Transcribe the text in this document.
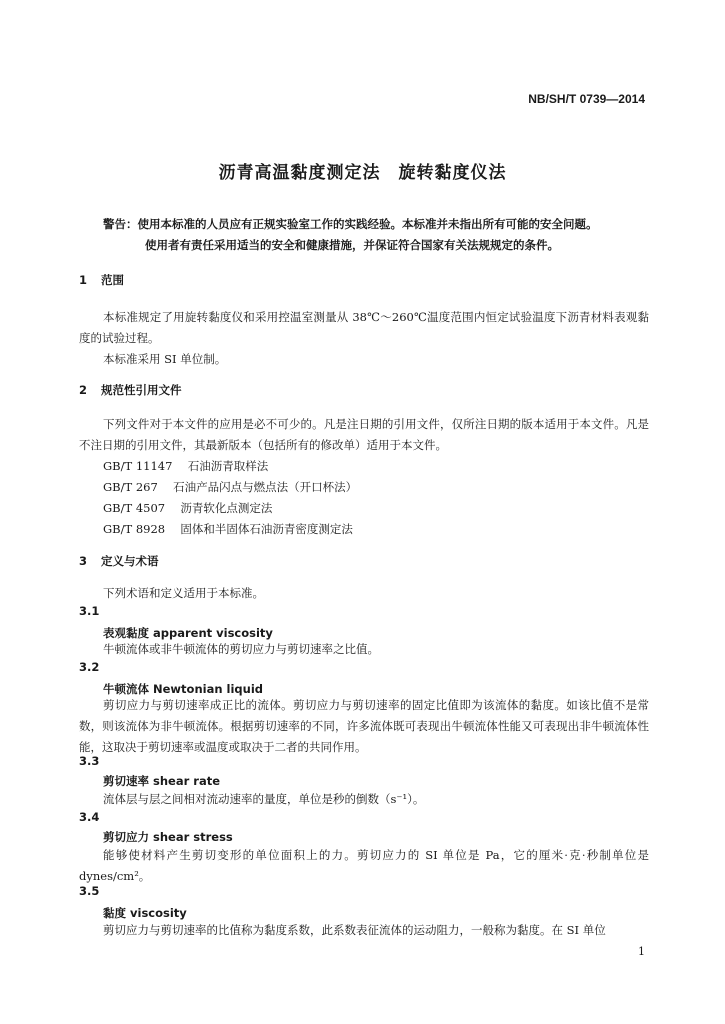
NB/SH/T 0739—2014
沥青高温黏度测定法　旋转黏度仪法
警告：使用本标准的人员应有正规实验室工作的实践经验。本标准并未指出所有可能的安全问题。
使用者有责任采用适当的安全和健康措施，并保证符合国家有关法规规定的条件。
1 范围
本标准规定了用旋转黏度仪和采用控温室测量从 38℃～260℃温度范围内恒定试验温度下沥青材料表观黏度的试验过程。
本标准采用 SI 单位制。
2 规范性引用文件
下列文件对于本文件的应用是必不可少的。凡是注日期的引用文件，仅所注日期的版本适用于本文件。凡是不注日期的引用文件，其最新版本（包括所有的修改单）适用于本文件。
GB/T 11147 石油沥青取样法
GB/T 267 石油产品闪点与燃点法（开口杯法）
GB/T 4507 沥青软化点测定法
GB/T 8928 固体和半固体石油沥青密度测定法
3 定义与术语
下列术语和定义适用于本标准。
3.1
表观黏度 apparent viscosity
牛顿流体或非牛顿流体的剪切应力与剪切速率之比值。
3.2
牛顿流体 Newtonian liquid
剪切应力与剪切速率成正比的流体。剪切应力与剪切速率的固定比值即为该流体的黏度。如该比值不是常数，则该流体为非牛顿流体。根据剪切速率的不同，许多流体既可表现出牛顿流体性能又可表现出非牛顿流体性能，这取决于剪切速率或温度或取决于二者的共同作用。
3.3
剪切速率 shear rate
流体层与层之间相对流动速率的量度，单位是秒的倒数（s⁻¹）。
3.4
剪切应力 shear stress
能够使材料产生剪切变形的单位面积上的力。剪切应力的 SI 单位是 Pa，它的厘米·克·秒制单位是 dynes/cm²。
3.5
黏度 viscosity
剪切应力与剪切速率的比值称为黏度系数，此系数表征流体的运动阻力，一般称为黏度。在 SI 单位
1
